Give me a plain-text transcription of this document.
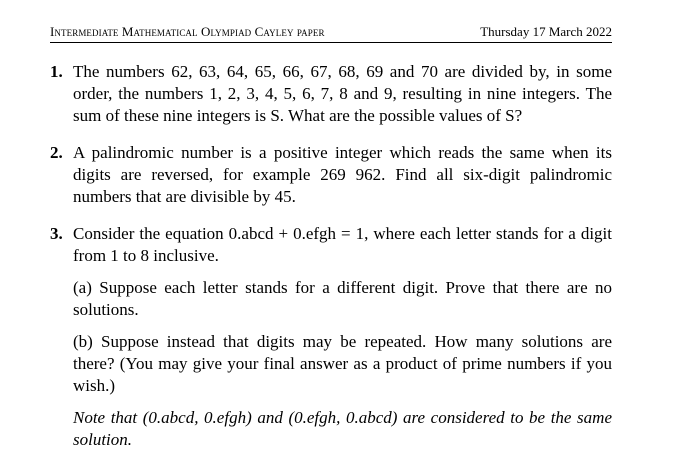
Intermediate Mathematical Olympiad Cayley paper	Thursday 17 March 2022
1. The numbers 62, 63, 64, 65, 66, 67, 68, 69 and 70 are divided by, in some order, the numbers 1, 2, 3, 4, 5, 6, 7, 8 and 9, resulting in nine integers. The sum of these nine integers is S. What are the possible values of S?

2. A palindromic number is a positive integer which reads the same when its digits are reversed, for example 269 962. Find all six-digit palindromic numbers that are divisible by 45.

3. Consider the equation 0.abcd + 0.efgh = 1, where each letter stands for a digit from 1 to 8 inclusive.

(a) Suppose each letter stands for a different digit. Prove that there are no solutions.

(b) Suppose instead that digits may be repeated. How many solutions are there? (You may give your final answer as a product of prime numbers if you wish.)

Note that (0.abcd, 0.efgh) and (0.efgh, 0.abcd) are considered to be the same solution.
